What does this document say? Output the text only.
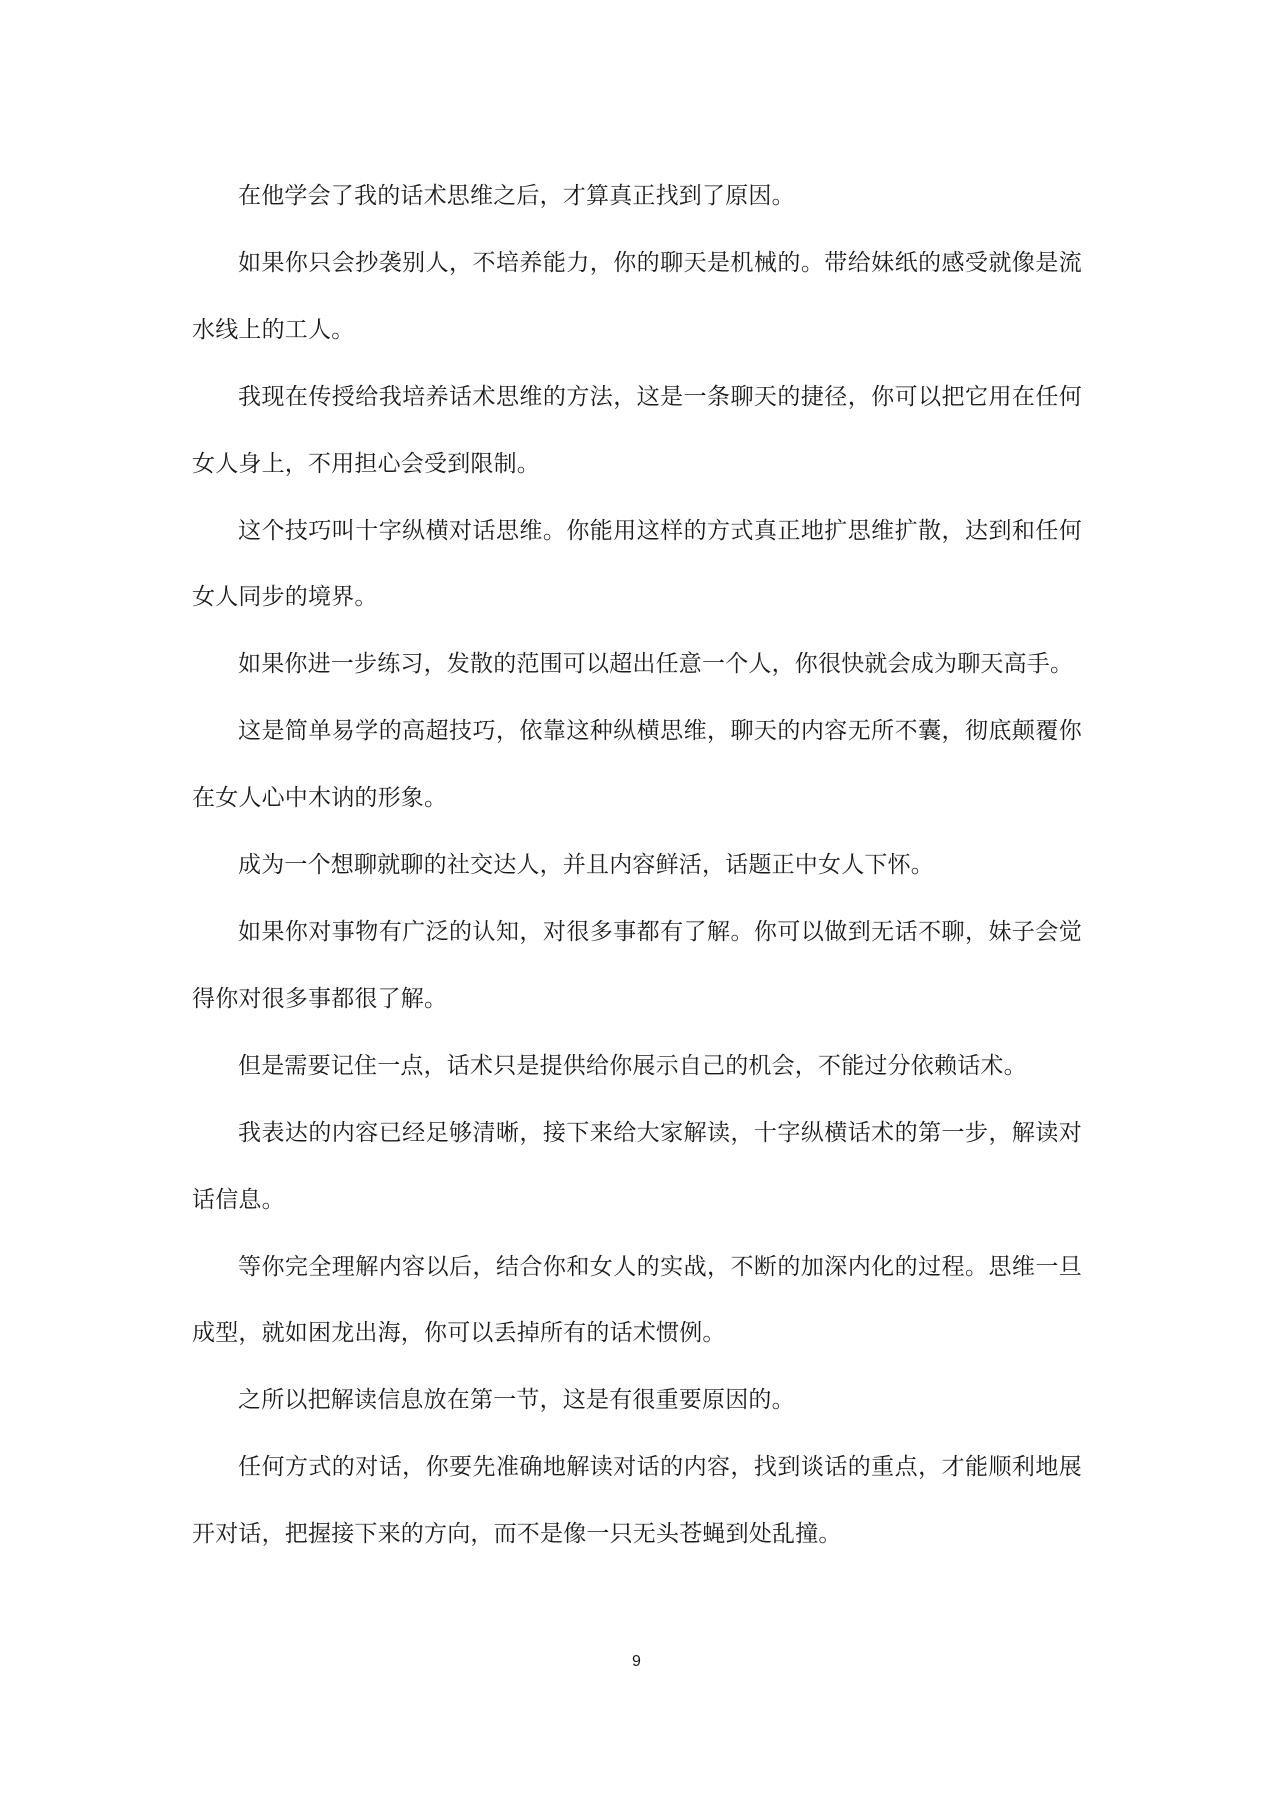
在他学会了我的话术思维之后，才算真正找到了原因。

如果你只会抄袭别人，不培养能力，你的聊天是机械的。带给妹纸的感受就像是流水线上的工人。

我现在传授给我培养话术思维的方法，这是一条聊天的捷径，你可以把它用在任何女人身上，不用担心会受到限制。

这个技巧叫十字纵横对话思维。你能用这样的方式真正地扩思维扩散，达到和任何女人同步的境界。

如果你进一步练习，发散的范围可以超出任意一个人，你很快就会成为聊天高手。

这是简单易学的高超技巧，依靠这种纵横思维，聊天的内容无所不囊，彻底颠覆你在女人心中木讷的形象。

成为一个想聊就聊的社交达人，并且内容鲜活，话题正中女人下怀。

如果你对事物有广泛的认知，对很多事都有了解。你可以做到无话不聊，妹子会觉得你对很多事都很了解。

但是需要记住一点，话术只是提供给你展示自己的机会，不能过分依赖话术。

我表达的内容已经足够清晰，接下来给大家解读，十字纵横话术的第一步，解读对话信息。

等你完全理解内容以后，结合你和女人的实战，不断的加深内化的过程。思维一旦成型，就如困龙出海，你可以丢掉所有的话术惯例。

之所以把解读信息放在第一节，这是有很重要原因的。

任何方式的对话，你要先准确地解读对话的内容，找到谈话的重点，才能顺利地展开对话，把握接下来的方向，而不是像一只无头苍蝇到处乱撞。

9
